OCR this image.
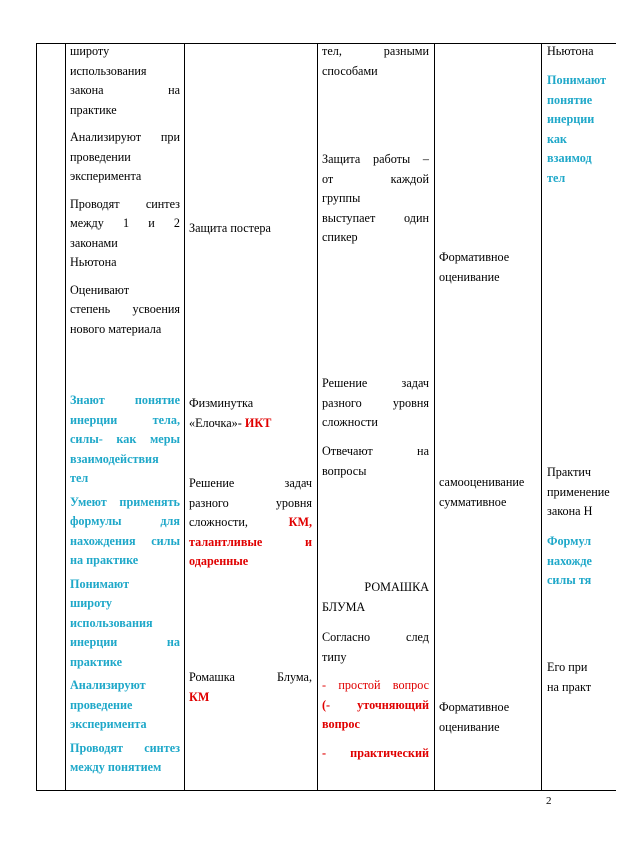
широту
использования
закона на
практике
Анализируют при
проведении
эксперимента
Проводят синтез
между 1 и 2
законами
Ньютона
Оценивают
степень усвоения
нового материала
Знают понятие
инерции тела,
силы- как меры
взаимодействия
тел
Умеют применять
формулы для
нахождения силы
на практике
Понимают
широту
использования
инерции на
практике
Анализируют
проведение
эксперимента
Проводят синтез
между понятием
Защита постера
Физминутка
«Елочка»- ИКТ
Решение задач
разного уровня
сложности,	КМ,
талантливые и
одаренные
Ромашка Блума,
КМ
тел, разными
способами
Защита работы –
от каждой
группы
выступает один
спикер
Решение задач
разного уровня
сложности
Отвечают на
вопросы
РОМАШКА
БЛУМА
Согласно след
типу
- простой вопрос
(- уточняющий
вопрос
- практический
Формативное
оценивание
самооценивание
суммативное
Формативное
оценивание
Ньютона
Понимают
понятие
инерции
как
взаимод
тел
Практич
применение
закона Н
Формул
нахожде
силы тя
Его при
на практ
2
